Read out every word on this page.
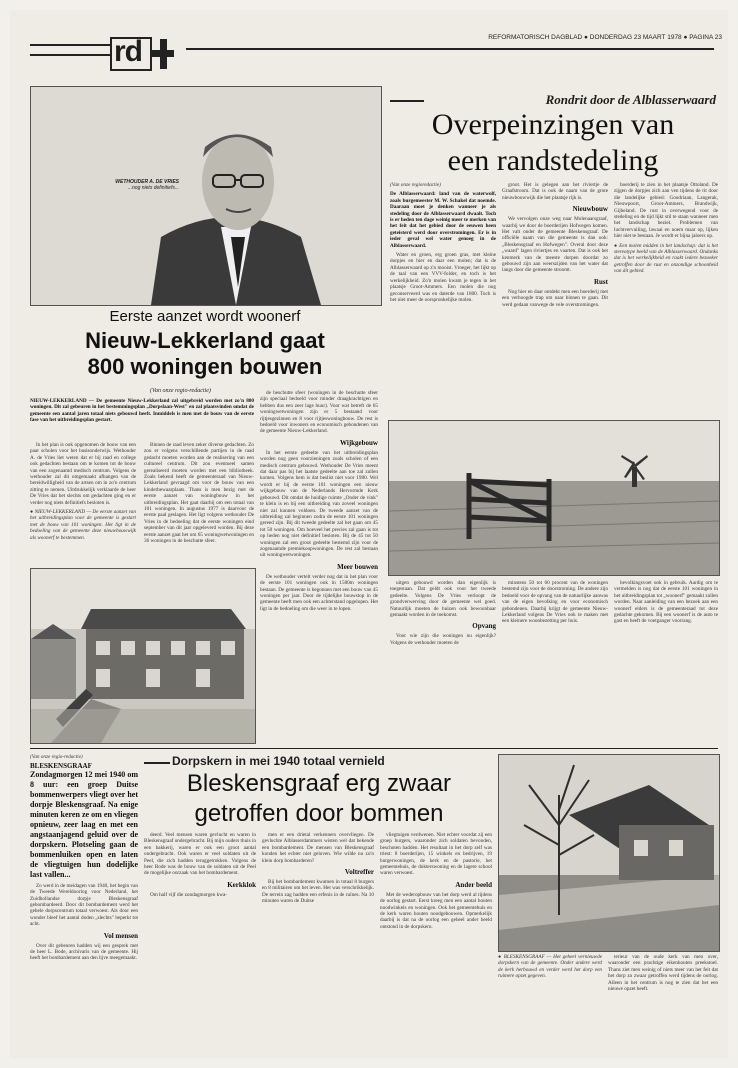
rd	REFORMATORISCH DAGBLAD ● DONDERDAG 23 MAART 1978 ● PAGINA 23
WETHOUDER A. DE VRIES
...nog niets definitiefs...
Eerste aanzet wordt woonerf
Nieuw-Lekkerland gaat
800 woningen bouwen
(Van onze regio-redactie)

NIEUW-LEKKERLAND — De gemeente Nieuw-Lekkerland zal uitgebreid worden met zo'n 800 woningen. Dit zal gebeuren in het bestemmingsplan „Dorpslaan-West" en zal plaatsvinden omdat de gemeente een aantal jaren totaal niets gebouwd heeft. Inmiddels is men met de bouw van de eerste fase van het uitbreidingsplan gestart.

In het plan is ook opgenomen de bouw van een paar scholen voor het basisonderwijs. Wethouder A. de Vries liet weten dat er bij raad en college ook gedachten bestaan om te komen tot de bouw van een zogenaamd medisch centrum. Volgens de wethouder zal dit omgemaakt afhangen van de bereidwilligheid van de artsen om in zo'n centrum zitting te nemen. Uitdrukkelijk verklaarde de heer De Vries dat het slechts om gedachten ging en er verder nog niets definitiefs besloten is.

● NIEUW-LEKKERLAND — De eerste aanzet van het uitbreidingsplan voor de gemeente is gestart met de bouw van 101 woningen. Het ligt in de bedoeling van de gemeente deze nieuwbouwwijk als woonerf te bestemmen.

Binnen de raad leven zeker diverse gedachten. Zo zou er volgens verschillende partijen in de raad gedacht moeten worden aan de realisering van een cultureel centrum. Dit zou eventueel samen gerealiseerd moeten worden met een bibliotheek. Zoals bekend heeft de gemeenteraad van Nieuw-Lekkerland gevraagd om voor de bouw van een kinderbewaarplaats. Thans is men bezig met de eerste aanzet van woningbouw in het uitbreidingsplan. Het gaat daarbij om een totaal van 101 woningen. In augustus 1977 is daarvoor de eerste paal geslagen. Het ligt volgens wethouder De Vries in de bedoeling dat de eerste woningen eind september van dit jaar opgeleverd worden. Bij deze eerste aanzet gaat het om 65 woningwetwoningen en 36 woningen in de beschutte sfeer.

de beschutte sfeer (woningen in de beschutte sfeer zijn speciaal bedoeld voor minder draagkrachtigen en hebben dus een zeer lage huur). Voor wat betreft de 65 woningwetwoningen zijn er 5 bestaand voor rijtjesgezinnen en 8 voor rijtjeswoningbouw. De rest is bedoeld voor inwoners en economisch gebondenen van de gemeente Nieuw-Lekkerland.

Wijkgebouw

In het eerste gedeelte van het uitbreidingsplan worden nog geen voorzieningen zoals scholen of een medisch centrum gebouwd. Wethouder De Vries meent dat daar pas bij het laatste gedeelte aan toe zal zullen komen. Volgens hem is dat beslist niet voor 1980. Wel wordt er bij de eerste 101 woningen een nieuw wijkgebouw van de Nederlands Hervormde Kerk gebouwd. Dit omdat de huidige ruimte „Onder de vink" te klein is en bij een uitbreiding van zoveel woningen niet zal kunnen voldoen. De tweede aanzet van de uitbreiding zal beginnen zodra de eerste 101 woningen gereed zijn. Bij dit tweede gedeelte zal het gaan om 45 tot 50 woningen. Om hoeveel het precies zal gaan is tot op heden nog niet definitief besloten. Bij de 45 tot 50 woningen zal een groot gedeelte bestemd zijn voor de zogenaamde premiekoopwoningen. De rest zal bestaan uit woningwetwoningen.

Meer bouwen

De wethouder vertelt verder nog dat in het plan voor de eerste 101 woningen ook in 1500m woningen bestaan. De gemeente is begonnen met een bouw van 45 woningen per jaar. Door de tijdelijke bouwstop in de gemeente heeft men ook een achterstand opgelopen. Het ligt in de bedoeling om die weer in te lopen.

Rondrit door de Alblasserwaard
Overpeinzingen van
een randstedeling

(Van onze regioredactie)

De Alblasserwaard: land van de waterwolf, zoals burgemeester M. W. Schakel dat noemde. Daaraan moet je denken wanneer je als stedeling door de Alblasserwaard dwaalt. Toch is er heden ten dage weinig meer te merken van het feit dat het gebied door de eeuwen heen geteisterd werd door overstromingen. Er is in ieder geval wel water genoeg in de Alblasserwaard.

Water en groen, erg groen gras, met kleine dorpjes en hier en daar een molen; dat is de Alblasserwaard op z'n mooist. Vroeger, het lijkt op de taal van een VVV-folder, en toch is het werkelijkheid. Zo'n molen kwam je tegen in het plaatsje Groot-Ammers. Een molen die nog geconserveerd was en daterde van 1800. Toch is het niet meer de oorspronkelijke molen.

groot. Het is gelegen aan het riviertje de Graafstroom. Dat is ook de naam van de grote nieuwbouwwijk die het plaatsje rijk is.

Nieuwbouw

We vervolgen onze weg naar Molenaarsgraaf, waarbij we door de boerderijen Hofwegen komen. Het valt onder de gemeente Bleskensgraaf. De officiële naam van die gemeente is dan ook: „Bleskensgraaf en Hofwegen". Overal door deze „waard" lagen riviertjes en vaarten. Dat is ook het kenmerk van de meeste dorpen doordat zo gebouwd zijn aan weerszijden van het water dat langs door die gemeente stroomt.

Rust

Nog hier en daar ontdekt men een boerderij met een verhoogde trap om naar binnen te gaan. Dit werd gedaan vanwege de vele overstromingen.

boerderij te zien in het plaatsje Ottoland. De zijgen de dorpjes zich aan ven tijdens de rit door die landelijke gebied: Goudriaan, Langerak, Nieuwpoort, Groot-Ammers, Brandwijk, Gijbeland. De rust in overwegend voor de stedeling en de tijd lijkt stil te staan wanneer men het landschap beziet. Problemen van luchtvervuiling, lawaai en noem maar op, lijken hier niet te bestaan. Je wordt er bijna jaloers op.

● Een molen midden in het landschap: dat is het stereotype beeld van de Alblasserwaard. Ondanks dat is het werkelijkheid en raakt iedere bezoeker getroffen door de rust en onzondige schoonheid van dit gebied.

uitgen gebouwd worden dan eigenlijk is toegestaan. Dat geldt ook voor het tweede gedeelte. Volgens De Vries verloopt de grondverwerving door de gemeente wel goed. Natuurlijk moeten de huizen ook bewoonbaar gemaakt worden in de toekomst.

Opvang

Voor wie zijn die woningen nu eigenlijk? Volgens de wethouder moeten de

minstens 50 tot 60 procent van de woningen bestemd zijn voor de doorstroming. De andere zijn bedoeld voor de opvang van de natuurlijke aanwas van de eigen bevolking en voor economisch gebondenen. Daarbij krijgt de gemeente Nieuw-Lekkerland volgens De Vries ook te maken met een kleinere woonbezetting per huis.

bevolkingsvoet ook in gebruik. Aardig om te vermelden is nog dat de eerste 101 woningen in het uitbreidingsplan tot „woonerf" gemaakt zullen worden. Naar aanleiding van een bezoek aan een woonerf elders is de gemeenteraad tot deze gedachte gekomen. Bij een woonerf is de auto te gast en heeft de voetganger voorrang.

(Van onze regio-redactie)

BLESKENSGRAAF

Zondagmorgen 12 mei 1940 om 8 uur: een groep Duitse bommenwerpers vliegt over het dorpje Bleskensgraaf. Na enige minuten keren ze om en vliegen opnieuw, zeer laag en met een angstaanjagend geluid over de dorpskern. Plotseling gaan de bommenluiken open en laten de vliegtuigen hun dodelijke last vallen...

Zo werd in de meidagen van 1940, het begin van de Tweede Wereldoorlog voor Nederland, het Zuidhollandse dorpje Bleskensgraaf gebombardeerd. Door dit bombardement werd het gehele dorpscentrum totaal verwoest. Als door een wonder bleef het aantal doden „slechts" beperkt tot acht.

Vol mensen

Over dit gebeuren hadden wij een gesprek met de heer L. Bode, archivaris van de gemeente. Hij heeft het bombardement aan den lijve meegemaakt.

Dorpskern in mei 1940 totaal vernield
Bleskensgraaf erg zwaar
getroffen door bommen

deerd. Veel mensen waren gevlucht en waren in Bleskensgraaf ondergebracht. Bij mijn ouders thuis in een bakkerij, waren er ook een groot aantal ondergebracht. Ook waren er veel soldaten uit de Peel, die zich hadden teruggetrokken. Volgens de heer Bode was de bouw van de soldaten uit de Peel de mogelijke oorzaak van het bombardement.

Kerkklok

Om half vijf die zondagmorgen kwa-

men er een drietal verkenners overvliegen. De gevluchte Alblasserdammers wisten wel dat bekende een bombardement. De mensen van Bleskensgraaf konden het echter niet geloven. Wie wilde nu zo'n klein dorp bombarderen?

Voltreffer

Bij het bombardement kwamen in totaal 8 burgers en 8 militairen om het leven. Het was verschrikkelijk. De terrein zag hadden een erfenis in de ruïnes. Na 10 minuten waren de Duitse

vliegtuigen verdwenen. Niet echter voordat zij een groep burgers, waaronder zich soldaten bevonden, beschoten hadden. Het resultaat in het dorp zelf was triest: 8 boerderijen, 15 winkels en bedrijven, 19 burgerwoningen, de kerk en de pastorie, het gemeentehuis, de dokterswoning en de lagere school waren verwoest.

Ander beeld

Met de wederopbouw van het dorp werd al tijdens de oorlog gestart. Eerst kreeg men een aantal houten noodwinkels en woningen. Ook het gemeentehuis en de kerk waren houten noodgebouwen. Opmerkelijk daarbij is dat na de oorlog een geheel ander beeld ontstond in de dorpskern.

● BLESKENSGRAAF — Het geheel vernieuwde dorpskern van de gemeente. Onder andere werd de kerk herbouwd en verder werd het dorp een ruimere opzet gegeven.

terieur van de oude kerk van men over, waaronder een prachtige eikenhouten preekstoel. Thans ziet men weinig of niets meer van het feit dat het dorp zo zwaar getroffen werd tijdens de oorlog. Alleen in het centrum is nog te zien dat het een nieuwe opzet heeft.
